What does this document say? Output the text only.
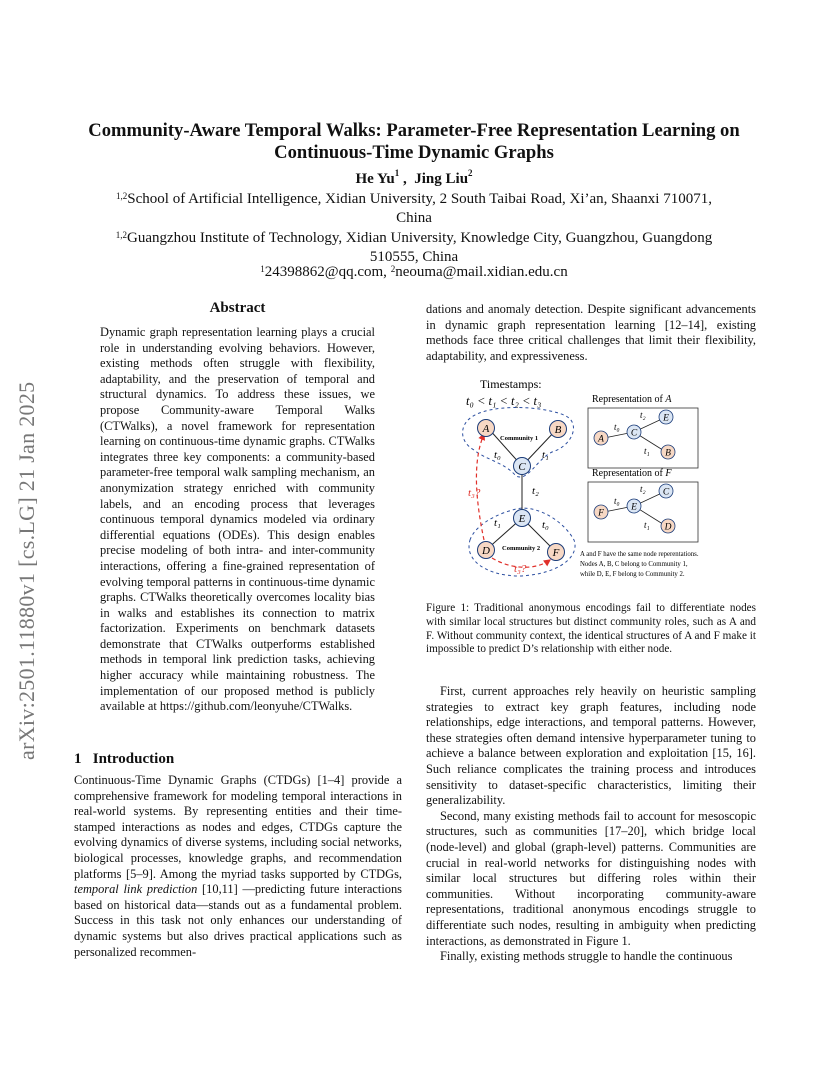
arXiv:2501.11880v1 [cs.LG] 21 Jan 2025
Community-Aware Temporal Walks: Parameter-Free Representation Learning on
Continuous-Time Dynamic Graphs
He Yu$^1$ ,  Jing Liu$^2$
$^{1,2}$School of Artificial Intelligence, Xidian University, 2 South Taibai Road, Xi’an, Shaanxi 710071,
China
$^{1,2}$Guangzhou Institute of Technology, Xidian University, Knowledge City, Guangzhou, Guangdong
510555, China
$^1$24398862@qq.com, $^2$neouma@mail.xidian.edu.cn
Abstract
Dynamic graph representation learning plays a crucial role in understanding evolving behaviors. However, existing methods often struggle with flexibility, adaptability, and the preservation of temporal and structural dynamics. To address these issues, we propose Community-aware Temporal Walks (CTWalks), a novel framework for representation learning on continuous-time dynamic graphs. CTWalks integrates three key components: a community-based parameter-free temporal walk sampling mechanism, an anonymization strategy enriched with community labels, and an encoding process that leverages continuous temporal dynamics modeled via ordinary differential equations (ODEs). This design enables precise modeling of both intra- and inter-community interactions, offering a fine-grained representation of evolving temporal patterns in continuous-time dynamic graphs. CTWalks theoretically overcomes locality bias in walks and establishes its connection to matrix factorization. Experiments on benchmark datasets demonstrate that CTWalks outperforms established methods in temporal link prediction tasks, achieving higher accuracy while maintaining robustness. The implementation of our proposed method is publicly available at https://github.com/leonyuhe/CTWalks.
1   Introduction
Continuous-Time Dynamic Graphs (CTDGs) [1–4] provide a comprehensive framework for modeling temporal interactions in real-world systems. By representing entities and their time-stamped interactions as nodes and edges, CTDGs capture the evolving dynamics of diverse systems, including social networks, biological processes, knowledge graphs, and recommendation platforms [5–9]. Among the myriad tasks supported by CTDGs, temporal link prediction [10,11] —predicting future interactions based on historical data—stands out as a fundamental problem. Success in this task not only enhances our understanding of dynamic systems but also drives practical applications such as personalized recommen-
dations and anomaly detection. Despite significant advancements in dynamic graph representation learning [12–14], existing methods face three critical challenges that limit their flexibility, adaptability, and expressiveness.
Timestamps:
t₀ < t₁ < t₂ < t₃
t₀	t₁
t₂
t₁	t₀
t₃?
t₃?
Community 1
Community 2
A	B
C
E
D	F
Representation of A
A
C
E
B
t₀
t₂
t₁
Representation of F
F
E
C
D
t₀
t₂
t₁
A and F have the same node reperentations.
Nodes A, B, C belong to Community 1,
while D, E, F belong to Community 2.
Figure 1: Traditional anonymous encodings fail to differentiate nodes with similar local structures but distinct community roles, such as A and F. Without community context, the identical structures of A and F make it impossible to predict D’s relationship with either node.

First, current approaches rely heavily on heuristic sampling strategies to extract key graph features, including node relationships, edge interactions, and temporal patterns. However, these strategies often demand intensive hyperparameter tuning to achieve a balance between exploration and exploitation [15, 16]. Such reliance complicates the training process and introduces sensitivity to dataset-specific characteristics, limiting their generalizability.

Second, many existing methods fail to account for mesoscopic structures, such as communities [17–20], which bridge local (node-level) and global (graph-level) patterns. Communities are crucial in real-world networks for distinguishing nodes with similar local structures but differing roles within their communities. Without incorporating community-aware representations, traditional anonymous encodings struggle to differentiate such nodes, resulting in ambiguity when predicting interactions, as demonstrated in Figure 1.

Finally, existing methods struggle to handle the continuous
